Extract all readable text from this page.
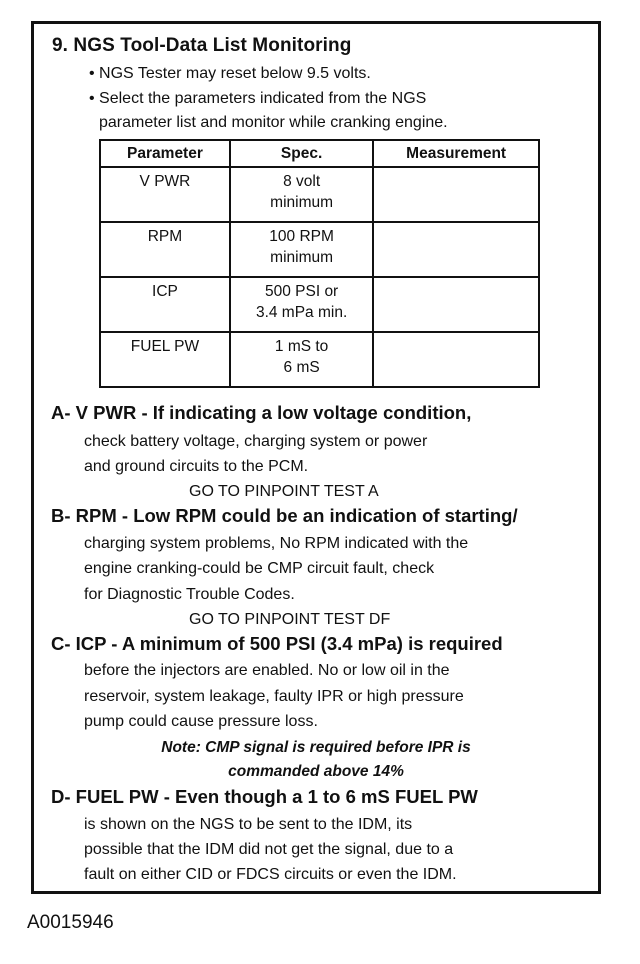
9. NGS Tool-Data List Monitoring
• NGS Tester may reset below 9.5 volts.
• Select the parameters indicated from the NGS
parameter list and monitor while cranking engine.
Parameter	Spec.	Measurement
V PWR	8 volt
minimum	

RPM	100 RPM
minimum	

ICP	500 PSI or
3.4 mPa min.	

FUEL PW	1 mS to
6 mS	

A- V PWR - If indicating a low voltage condition,
check battery voltage, charging system or power
and ground circuits to the PCM.
GO TO PINPOINT TEST A
B- RPM - Low RPM could be an indication of starting/
charging system problems, No RPM indicated with the
engine cranking-could be CMP circuit fault, check
for Diagnostic Trouble Codes.
GO TO PINPOINT TEST DF
C- ICP - A minimum of 500 PSI (3.4 mPa) is required
before the injectors are enabled. No or low oil in the
reservoir, system leakage, faulty IPR or high pressure
pump could cause pressure loss.
Note: CMP signal is required before IPR is
commanded above 14%
D- FUEL PW - Even though a 1 to 6 mS FUEL PW
is shown on the NGS to be sent to the IDM, its
possible that the IDM did not get the signal, due to a
fault on either CID or FDCS circuits or even the IDM.
A0015946
